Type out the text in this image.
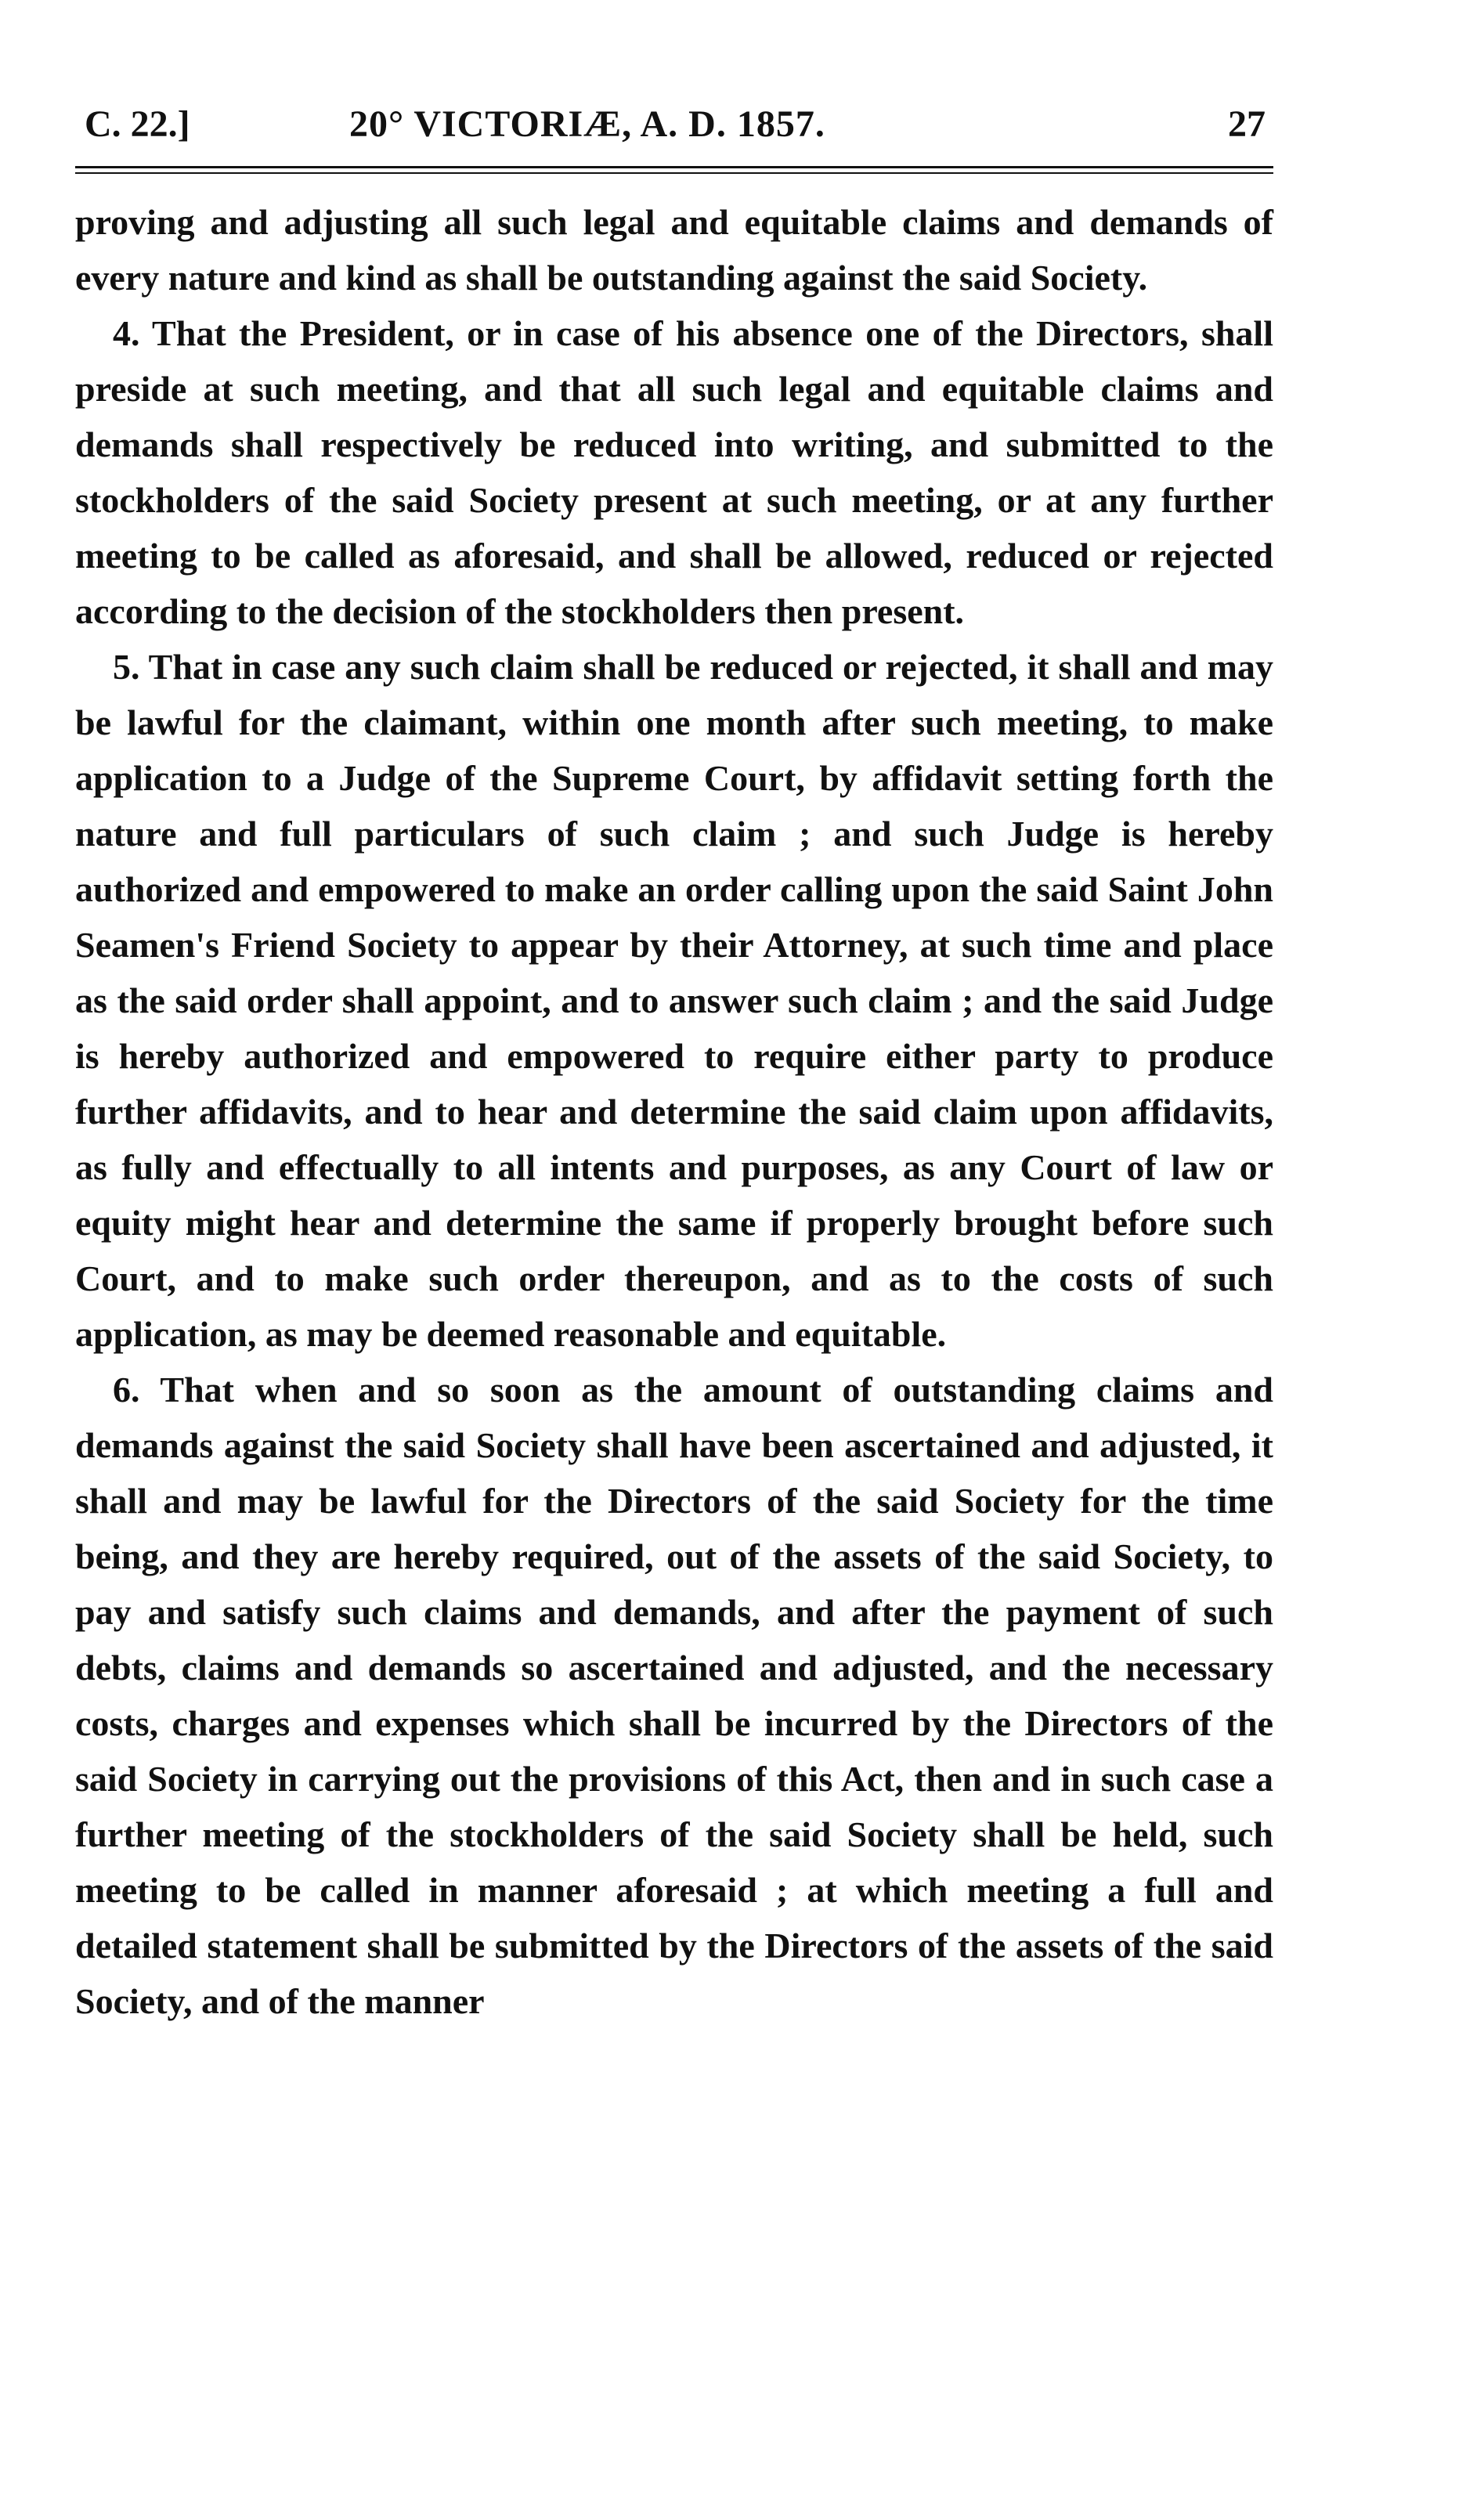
C. 22.]	20° VICTORIÆ, A. D. 1857.	27

proving and adjusting all such legal and equitable claims and demands of every nature and kind as shall be outstanding against the said Society.

4. That the President, or in case of his absence one of the Directors, shall preside at such meeting, and that all such legal and equitable claims and demands shall respectively be reduced into writing, and submitted to the stockholders of the said Society present at such meeting, or at any further meeting to be called as aforesaid, and shall be allowed, reduced or rejected according to the decision of the stockholders then present.

5. That in case any such claim shall be reduced or rejected, it shall and may be lawful for the claimant, within one month after such meeting, to make application to a Judge of the Supreme Court, by affidavit setting forth the nature and full particulars of such claim ; and such Judge is hereby authorized and empowered to make an order calling upon the said Saint John Seamen's Friend Society to appear by their Attorney, at such time and place as the said order shall appoint, and to answer such claim ; and the said Judge is hereby authorized and empowered to require either party to produce further affidavits, and to hear and determine the said claim upon affidavits, as fully and effectually to all intents and purposes, as any Court of law or equity might hear and determine the same if properly brought before such Court, and to make such order thereupon, and as to the costs of such application, as may be deemed reasonable and equitable.

6. That when and so soon as the amount of outstanding claims and demands against the said Society shall have been ascertained and adjusted, it shall and may be lawful for the Directors of the said Society for the time being, and they are hereby required, out of the assets of the said Society, to pay and satisfy such claims and demands, and after the payment of such debts, claims and demands so ascertained and adjusted, and the necessary costs, charges and expenses which shall be incurred by the Directors of the said Society in carrying out the provisions of this Act, then and in such case a further meeting of the stockholders of the said Society shall be held, such meeting to be called in manner aforesaid ; at which meeting a full and detailed statement shall be submitted by the Directors of the assets of the said Society, and of the manner
